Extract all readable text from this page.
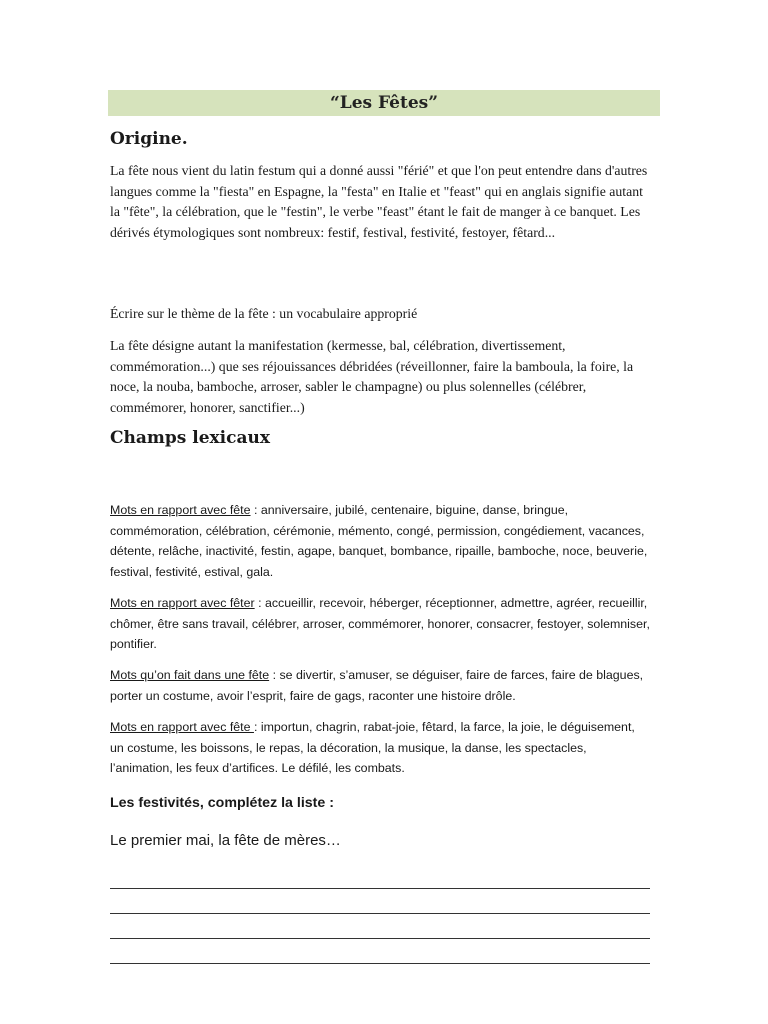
“Les Fêtes”
Origine.

La fête nous vient du latin festum qui a donné aussi "férié" et que l'on peut entendre dans d'autres langues comme la "fiesta" en Espagne, la "festa" en Italie et "feast" qui en anglais signifie autant la "fête", la célébration, que le "festin", le verbe "feast" étant le fait de manger à ce banquet. Les dérivés étymologiques sont nombreux: festif, festival, festivité, festoyer, fêtard...

Écrire sur le thème de la fête : un vocabulaire approprié

La fête désigne autant la manifestation (kermesse, bal, célébration, divertissement, commémoration...) que ses réjouissances débridées (réveillonner, faire la bamboula, la foire, la noce, la nouba, bamboche, arroser, sabler le champagne) ou plus solennelles (célébrer, commémorer, honorer, sanctifier...)

Champs lexicaux

Mots en rapport avec fête : anniversaire, jubilé, centenaire, biguine, danse, bringue, commémoration, célébration, cérémonie, mémento, congé, permission, congédiement, vacances, détente, relâche, inactivité, festin, agape, banquet, bombance, ripaille, bamboche, noce, beuverie, festival, festivité, estival, gala.

Mots en rapport avec fêter : accueillir, recevoir, héberger, réceptionner, admettre, agréer, recueillir, chômer, être sans travail, célébrer, arroser, commémorer, honorer, consacrer, festoyer, solemniser, pontifier.

Mots qu’on fait dans une fête : se divertir, s’amuser, se déguiser, faire de farces, faire de blagues, porter un costume, avoir l’esprit, faire de gags, raconter une histoire drôle.

Mots en rapport avec fête : importun, chagrin, rabat-joie, fêtard, la farce, la joie, le déguisement, un costume, les boissons, le repas, la décoration, la musique, la danse, les spectacles, l’animation, les feux d’artifices. Le défilé, les combats.

Les festivités, complétez la liste :

Le premier mai, la fête de mères…
